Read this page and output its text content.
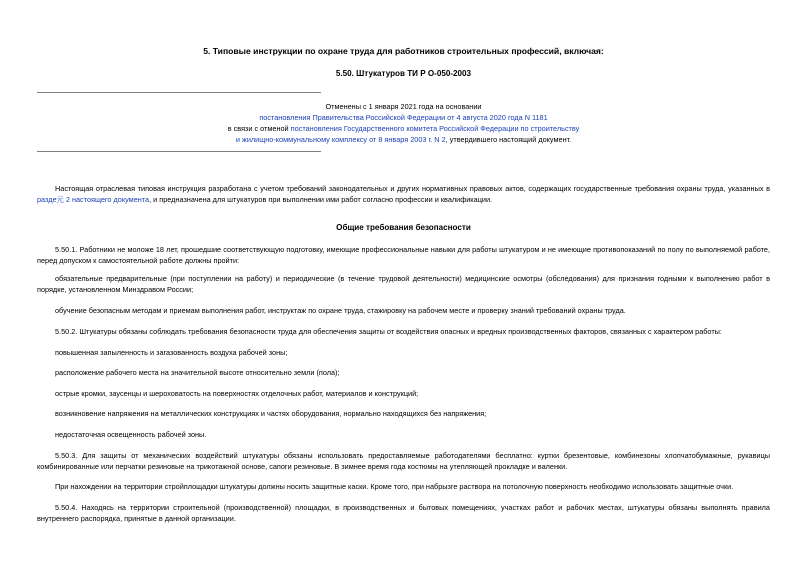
5. Типовые инструкции по охране труда для работников строительных профессий, включая:
5.50. Штукатуров ТИ Р О-050-2003
Отменены с 1 января 2021 года на основании
постановления Правительства Российской Федерации от 4 августа 2020 года N 1181
в связи с отменой постановления Государственного комитета Российской Федерации по строительству
и жилищно-коммунальному комплексу от 8 января 2003 г. N 2, утвердившего настоящий документ.
Настоящая отраслевая типовая инструкция разработана с учетом требований законодательных и других нормативных правовых актов, содержащих государственные требования охраны труда, указанных в разде元 2 настоящего документа, и предназначена для штукатуров при выполнении ими работ согласно профессии и квалификации.
Общие требования безопасности
5.50.1. Работники не моложе 18 лет, прошедшие соответствующую подготовку, имеющие профессиональные навыки для работы штукатуром и не имеющие противопоказаний по полу по выполняемой работе, перед допуском к самостоятельной работе должны пройти:
обязательные предварительные (при поступлении на работу) и периодические (в течение трудовой деятельности) медицинские осмотры (обследования) для признания годными к выполнению работ в порядке, установленном Минздравом России;
обучение безопасным методам и приемам выполнения работ, инструктаж по охране труда, стажировку на рабочем месте и проверку знаний требований охраны труда.
5.50.2. Штукатуры обязаны соблюдать требования безопасности труда для обеспечения защиты от воздействия опасных и вредных производственных факторов, связанных с характером работы:
повышенная запыленность и загазованность воздуха рабочей зоны;
расположение рабочего места на значительной высоте относительно земли (пола);
острые кромки, заусенцы и шероховатость на поверхностях отделочных работ, материалов и конструкций;
возникновение напряжения на металлических конструкциях и частях оборудования, нормально находящихся без напряжения;
недостаточная освещенность рабочей зоны.
5.50.3. Для защиты от механических воздействий штукатуры обязаны использовать предоставляемые работодателями бесплатно: куртки брезентовые, комбинезоны хлопчатобумажные, рукавицы комбинированные или перчатки резиновые на трикотажной основе, сапоги резиновые. В зимнее время года костюмы на утепляющей прокладке и валенки.
При нахождении на территории стройплощадки штукатуры должны носить защитные каски. Кроме того, при набрызге раствора на потолочную поверхность необходимо использовать защитные очки.
5.50.4. Находясь на территории строительной (производственной) площадки, в производственных и бытовых помещениях, участках работ и рабочих местах, штукатуры обязаны выполнять правила внутреннего распорядка, принятые в данной организации.
